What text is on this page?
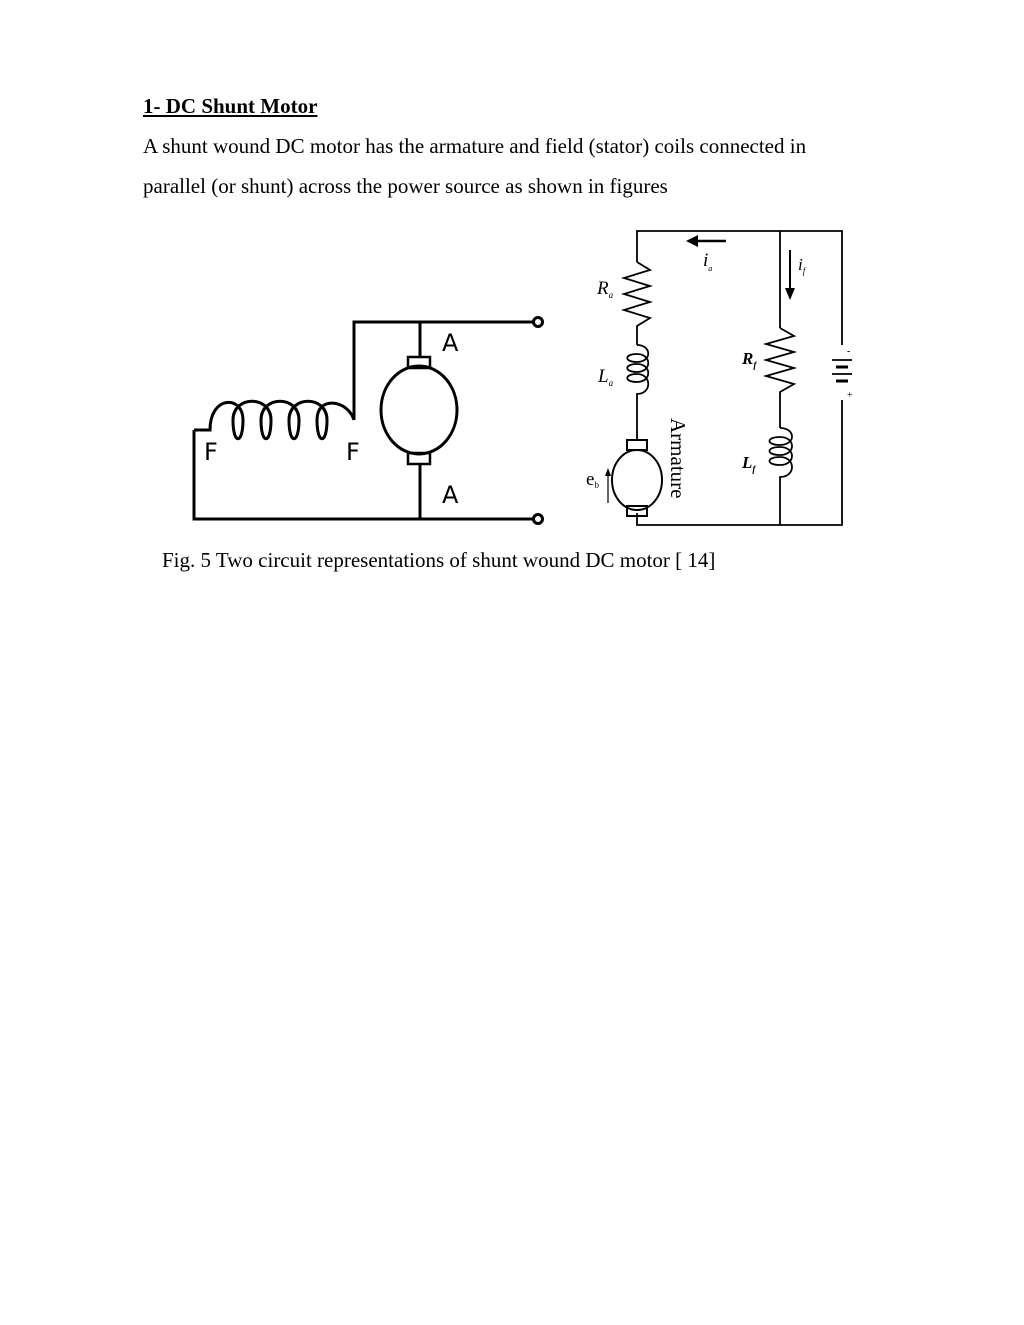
1- DC Shunt Motor
A shunt wound DC motor has the armature and field (stator) coils connected in
parallel (or shunt) across the power source as shown in figures
A
A
F	F
$R_a$
$L_a$
eb
$i_a$	$i_f$
$R_f$
$L_f$
Armature
-
+
Fig. 5 Two circuit representations of shunt wound DC motor [ 14]
